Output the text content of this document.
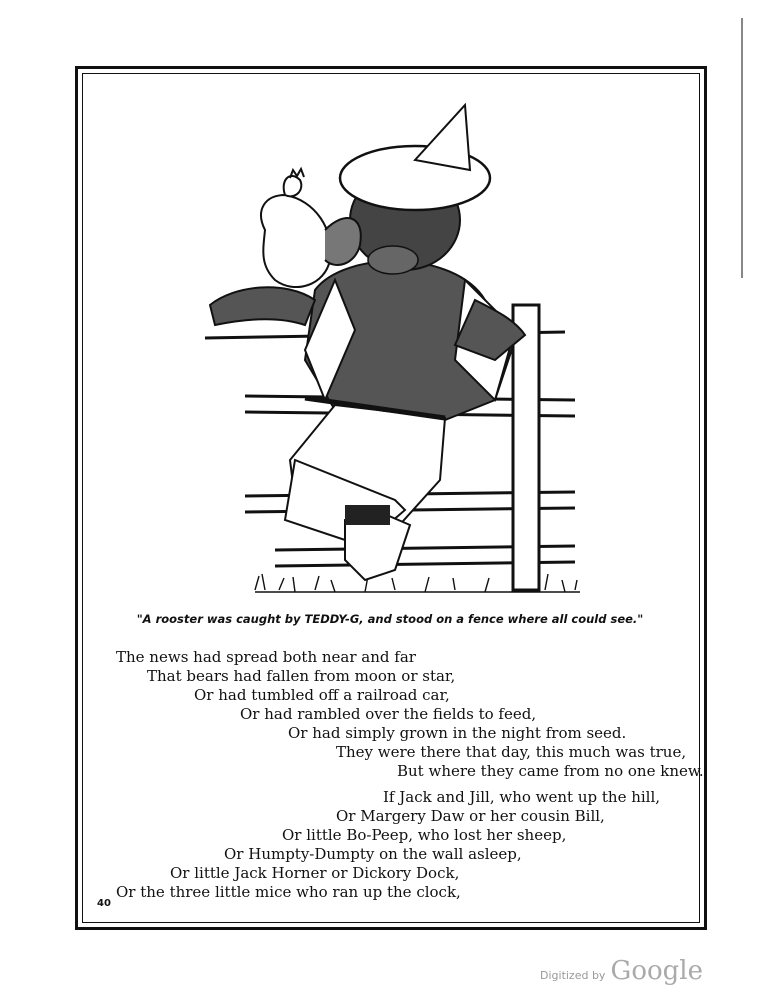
"A rooster was caught by TEDDY-G, and stood on a fence where all could see."
The news had spread both near and far
That bears had fallen from moon or star,
Or had tumbled off a railroad car,
Or had rambled over the fields to feed,
Or had simply grown in the night from seed.
They were there that day, this much was true,
But where they came from no one knew.
If Jack and Jill, who went up the hill,
Or Margery Daw or her cousin Bill,
Or little Bo-Peep, who lost her sheep,
Or Humpty-Dumpty on the wall asleep,
Or little Jack Horner or Dickory Dock,
Or the three little mice who ran up the clock,
40
Digitized by Google
